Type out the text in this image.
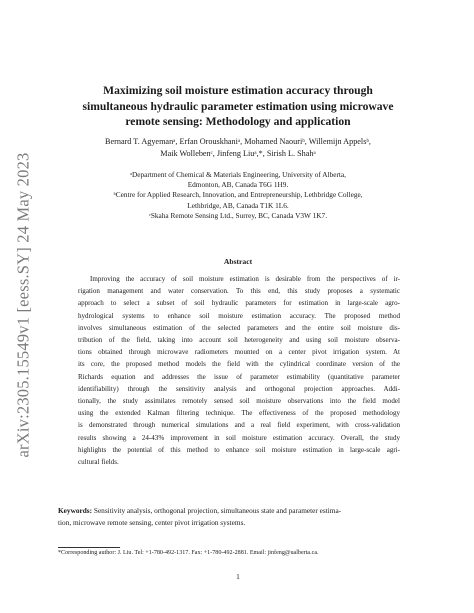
arXiv:2305.15549v1 [eess.SY] 24 May 2023
Maximizing soil moisture estimation accuracy through
simultaneous hydraulic parameter estimation using microwave
remote sensing: Methodology and application
Bernard T. Agyemanᵃ, Erfan Orouskhaniᵃ, Mohamed Naouriᵇ, Willemijn Appelsᵇ,
Maik Wollebenᶜ, Jinfeng Liuᵃ,*, Sirish L. Shahᵃ
ᵃDepartment of Chemical & Materials Engineering, University of Alberta,
Edmonton, AB, Canada T6G 1H9.
ᵇCentre for Applied Research, Innovation, and Entrepreneurship, Lethbridge College,
Lethbridge, AB, Canada T1K 1L6.
ᶜSkaha Remote Sensing Ltd., Surrey, BC, Canada V3W 1K7.
Abstract
Improving the accuracy of soil moisture estimation is desirable from the perspectives of ir-
rigation management and water conservation. To this end, this study proposes a systematic
approach to select a subset of soil hydraulic parameters for estimation in large-scale agro-
hydrological systems to enhance soil moisture estimation accuracy. The proposed method
involves simultaneous estimation of the selected parameters and the entire soil moisture dis-
tribution of the field, taking into account soil heterogeneity and using soil moisture observa-
tions obtained through microwave radiometers mounted on a center pivot irrigation system. At
its core, the proposed method models the field with the cylindrical coordinate version of the
Richards equation and addresses the issue of parameter estimability (quantitative parameter
identifiability) through the sensitivity analysis and orthogonal projection approaches. Addi-
tionally, the study assimilates remotely sensed soil moisture observations into the field model
using the extended Kalman filtering technique. The effectiveness of the proposed methodology
is demonstrated through numerical simulations and a real field experiment, with cross-validation
results showing a 24-43% improvement in soil moisture estimation accuracy. Overall, the study
highlights the potential of this method to enhance soil moisture estimation in large-scale agri-
cultural fields.
Keywords: Sensitivity analysis, orthogonal projection, simultaneous state and parameter estima-
tion, microwave remote sensing, center pivot irrigation systems.
*Corresponding author: J. Liu. Tel: +1-780-492-1317. Fax: +1-780-492-2881. Email: jinfeng@ualberta.ca.
1
